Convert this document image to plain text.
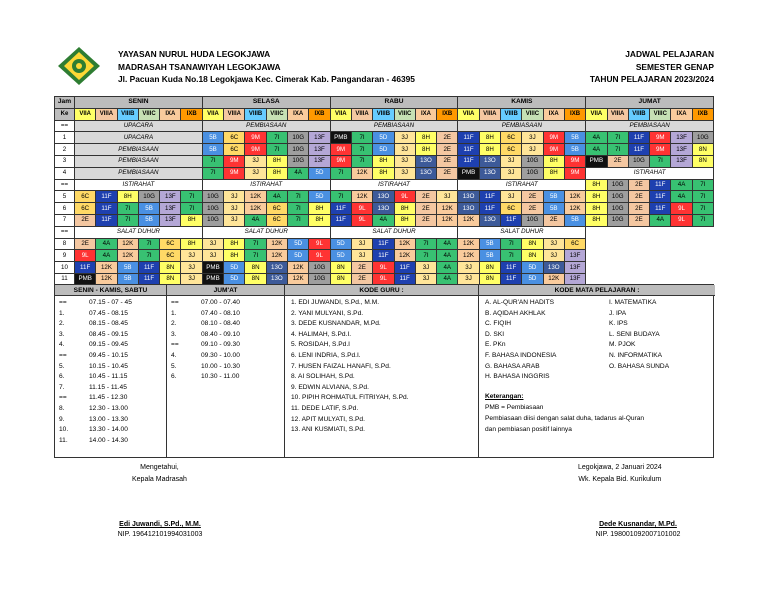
YAYASAN NURUL HUDA LEGOKJAWA
MADRASAH TSANAWIYAH LEGOKJAWA
Jl. Pacuan Kuda No.18 Legokjawa Kec. Cimerak Kab. Pangandaran - 46395
JADWAL PELAJARAN
SEMESTER GENAP
TAHUN PELAJARAN 2023/2024
Jam	SENIN						SELASA						RABU						KAMIS						JUMAT					
Ke	VIIA	VIIIA	VIIIB	VIIIC	IXA	IXB	VIIA	VIIIA	VIIIB	VIIIC	IXA	IXB	VIIA	VIIIA	VIIIB	VIIIC	IXA	IXB	VIIA	VIIIA	VIIIB	VIIIC	IXA	IXB	VIIA	VIIIA	VIIIB	VIIIC	IXA	IXB
==	UPACARA						PEMBIASAAN						PEMBIASAAN						PEMBIASAAN						PEMBIASAAN					
1	UPACARA						5B	6C	9M	7I	10G	13F	PMB	7I	5D	3J	8H	2E	11F	8H	6C	3J	9M	5B	4A	7I	11F	9M	13F	10G
2	PEMBIASAAN						5B	6C	9M	7I	10G	13F	9M	7I	5D	3J	8H	2E	11F	8H	6C	3J	9M	5B	4A	7I	11F	9M	13F	8N
3	PEMBIASAAN						7I	9M	3J	8H	10G	13F	9M	7I	8H	3J	13O	2E	11F	13O	3J	10G	8H	9M	PMB	2E	10G	7I	13F	8N
4	PEMBIASAAN						7I	9M	3J	8H	4A	5D	7I	12K	8H	3J	13O	2E	PMB	13O	3J	10G	8H	9M	ISTIRAHAT					
==	ISTIRAHAT						ISTIRAHAT						ISTIRAHAT						ISTIRAHAT						8H	10G	2E	11F	4A	7I
5	6C	11F	8H	10G	13F	7I	10G	3J	12K	4A	7I	5D	7I	12K	13O	9L	2E	3J	13O	11F	3J	2E	5B	12K	8H	10G	2E	11F	4A	7I
6	6C	11F	7I	5B	13F	7I	10G	3J	12K	6C	7I	8H	11F	9L	13O	8H	2E	12K	13O	11F	6C	2E	5B	12K	8H	10G	2E	11F	9L	7I
7	2E	11F	7I	5B	13F	8H	10G	3J	4A	6C	7I	8H	11F	9L	4A	8H	2E	12K	12K	13O	11F	10G	2E	5B	8H	10G	2E	4A	9L	7I
==	SALAT DUHUR						SALAT DUHUR						SALAT DUHUR						SALAT DUHUR											
8	2E	4A	12K	7I	6C	8H	3J	8H	7I	12K	5D	9L	5D	3J	11F	12K	7I	4A	12K	5B	7I	8N	3J	6C						
9	9L	4A	12K	7I	6C	3J	3J	8H	7I	12K	5D	9L	5D	3J	11F	12K	7I	4A	12K	5B	7I	8N	3J	13F						
10	11F	12K	5B	11F	8N	3J	PMB	5D	8N	13O	12K	10G	8N	2E	9L	11F	3J	4A	3J	8N	11F	5D	13O	13F						
11	PMB	12K	5B	11F	8N	3J	PMB	5D	8N	13O	12K	10G	8N	2E	9L	11F	3J	4A	3J	8N	11F	5D	12K	13F						
SENIN - KAMIS, SABTU
==	07.15 - 07 - 45
1.	07.45 - 08.15
2.	08.15 - 08.45
3.	08.45 - 09.15
4.	09.15 - 09.45
==	09.45 - 10.15
5.	10.15 - 10.45
6.	10.45 - 11.15
7.	11.15 - 11.45
==	11.45 - 12.30
8.	12.30 - 13.00
9.	13.00 - 13.30
10.	13.30 - 14.00
11.	14.00 - 14.30
JUM'AT
==	07.00 - 07.40
1.	07.40 - 08.10
2.	08.10 - 08.40
3.	08.40 - 09.10
==	09.10 - 09.30
4.	09.30 - 10.00
5.	10.00 - 10.30
6.	10.30 - 11.00
KODE GURU :
1. EDI JUWANDI, S.Pd., M.M.
2. YANI MULYANI, S.Pd.
3. DEDE KUSNANDAR, M.Pd.
4. HALIMAH, S.Pd.I.
5. ROSIDAH, S.Pd.I
6. LENI INDRIA, S.Pd.I.
7. HUSEN FAIZAL HANAFI, S.Pd.
8. AI SOLIHAH, S.Pd.
9. EDWIN ALVIANA, S.Pd.
10. PIPIH ROHMATUL FITRIYAH, S.Pd.
11. DEDE LATIF, S.Pd.
12. APIT MULYATI, S.Pd.
13. ANI KUSMIATI, S.Pd.
KODE MATA PELAJARAN :
A. AL-QUR'AN HADITS
B. AQIDAH AKHLAK
C. FIQIH
D. SKI
E. PKn
F. BAHASA INDONESIA
G. BAHASA ARAB
H. BAHASA INGGRIS
I. MATEMATIKA
J. IPA
K. IPS
L. SENI BUDAYA
M. PJOK
N. INFORMATIKA
O. BAHASA SUNDA
Keterangan:
PMB = Pembiasaan
Pembiasaan diisi dengan salat duha, tadarus al-Quran
dan pembiasan positif lainnya
Mengetahui,
Kepala Madrasah
Edi Juwandi, S.Pd., M.M.
NIP. 196412101994031003
Legokjawa, 2 Januari 2024
Wk. Kepala Bid. Kurikulum
Dede Kusnandar, M.Pd.
NIP. 198001092007101002
